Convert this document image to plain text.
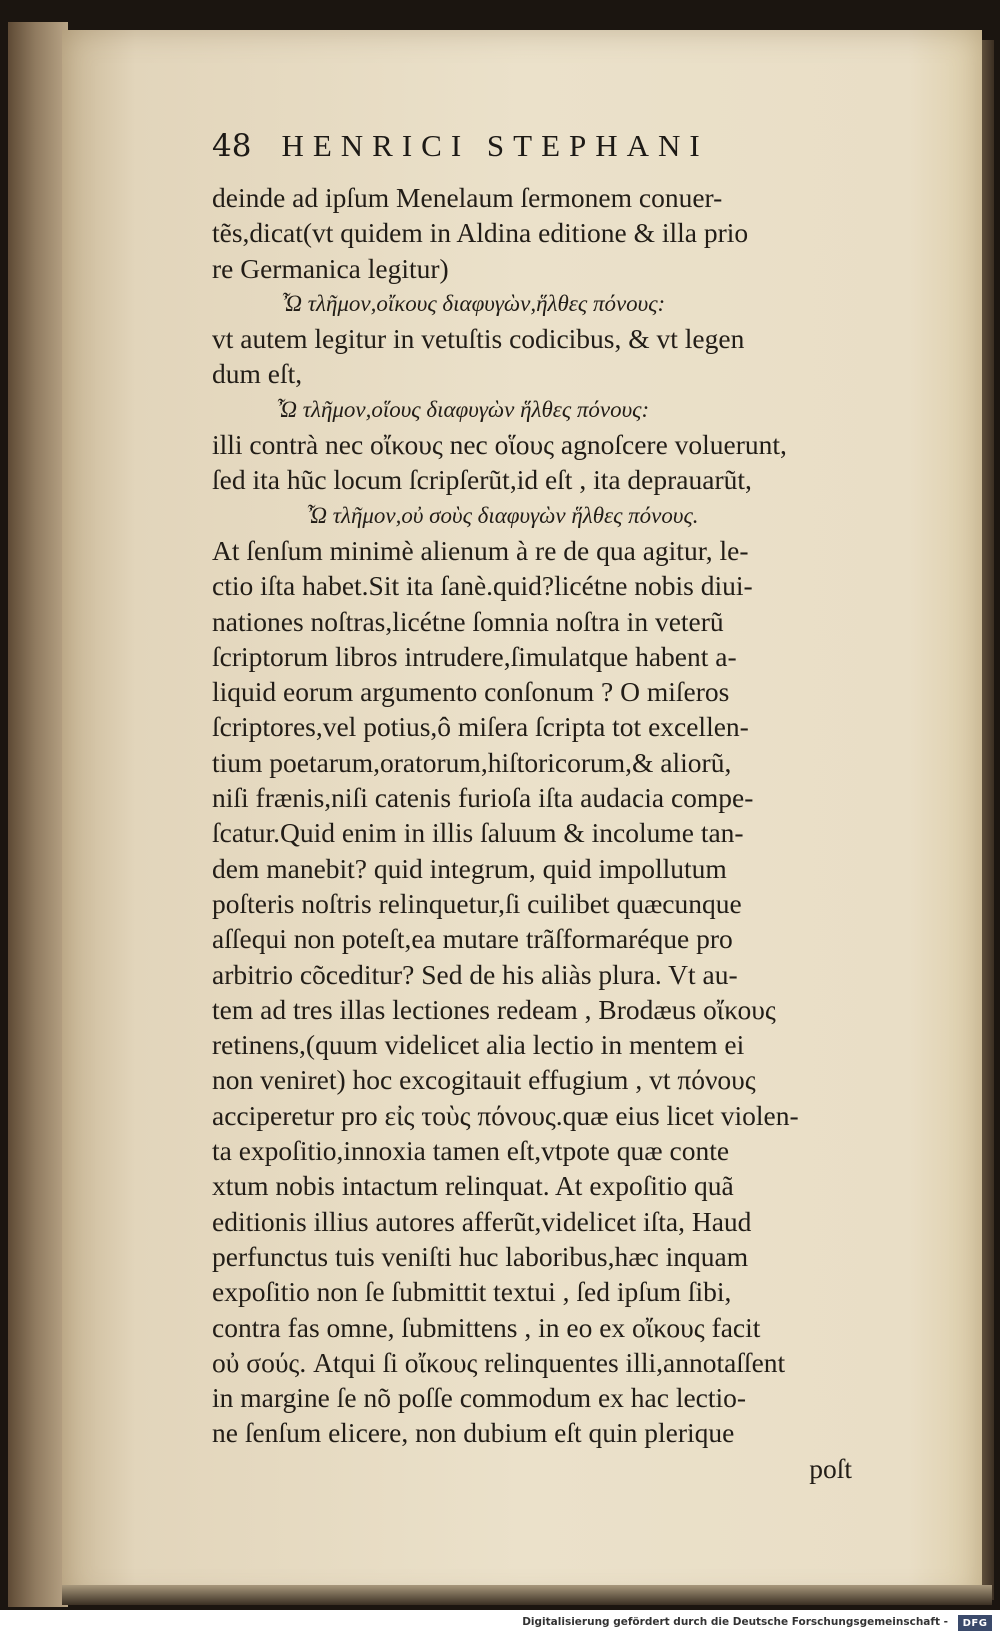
48 HENRICI STEPHANI
deinde ad ipſum Menelaum ſermonem conuer-
tẽs,dicat(vt quidem in Aldina editione & illa prio
re Germanica legitur)
Ὦ τλῆμον,οἴκους διαφυγὼν,ἥλθες πόνους:
vt autem legitur in vetuſtis codicibus, & vt legen
dum eſt,
Ὦ τλῆμον,οἵους διαφυγὼν ἥλθες πόνους:
illi contrà nec οἴκους nec οἵους agnoſcere voluerunt,
ſed ita hũc locum ſcripſerũt,id eſt , ita deprauarũt,
Ὦ τλῆμον,οὐ σοὺς διαφυγὼν ἥλθες πόνους.
At ſenſum minimè alienum à re de qua agitur, le-
ctio iſta habet.Sit ita ſanè.quid?licétne nobis diui-
nationes noſtras,licétne ſomnia noſtra in veterũ
ſcriptorum libros intrudere,ſimulatque habent a-
liquid eorum argumento conſonum ? O miſeros
ſcriptores,vel potius,ô miſera ſcripta tot excellen-
tium poetarum,oratorum,hiſtoricorum,& aliorũ,
niſi frænis,niſi catenis furioſa iſta audacia compe-
ſcatur.Quid enim in illis ſaluum & incolume tan-
dem manebit? quid integrum, quid impollutum
poſteris noſtris relinquetur,ſi cuilibet quæcunque
aſſequi non poteſt,ea mutare trãſformaréque pro
arbitrio cõceditur? Sed de his aliàs plura. Vt au-
tem ad tres illas lectiones redeam , Brodæus οἴκους
retinens,(quum videlicet alia lectio in mentem ei
non veniret) hoc excogitauit effugium , vt πόνους
acciperetur pro εἰς τοὺς πόνους.quæ eius licet violen-
ta expoſitio,innoxia tamen eſt,vtpote quæ conte
xtum nobis intactum relinquat. At expoſitio quã
editionis illius autores afferũt,videlicet iſta, Haud
perfunctus tuis veniſti huc laboribus,hæc inquam
expoſitio non ſe ſubmittit textui , ſed ipſum ſibi,
contra fas omne, ſubmittens , in eo ex οἴκους facit
οὐ σούς. Atqui ſi οἴκους relinquentes illi,annotaſſent
in margine ſe nõ poſſe commodum ex hac lectio-
ne ſenſum elicere, non dubium eſt quin plerique
poſt
Digitalisierung gefördert durch die Deutsche Forschungsgemeinschaft -	DFG
